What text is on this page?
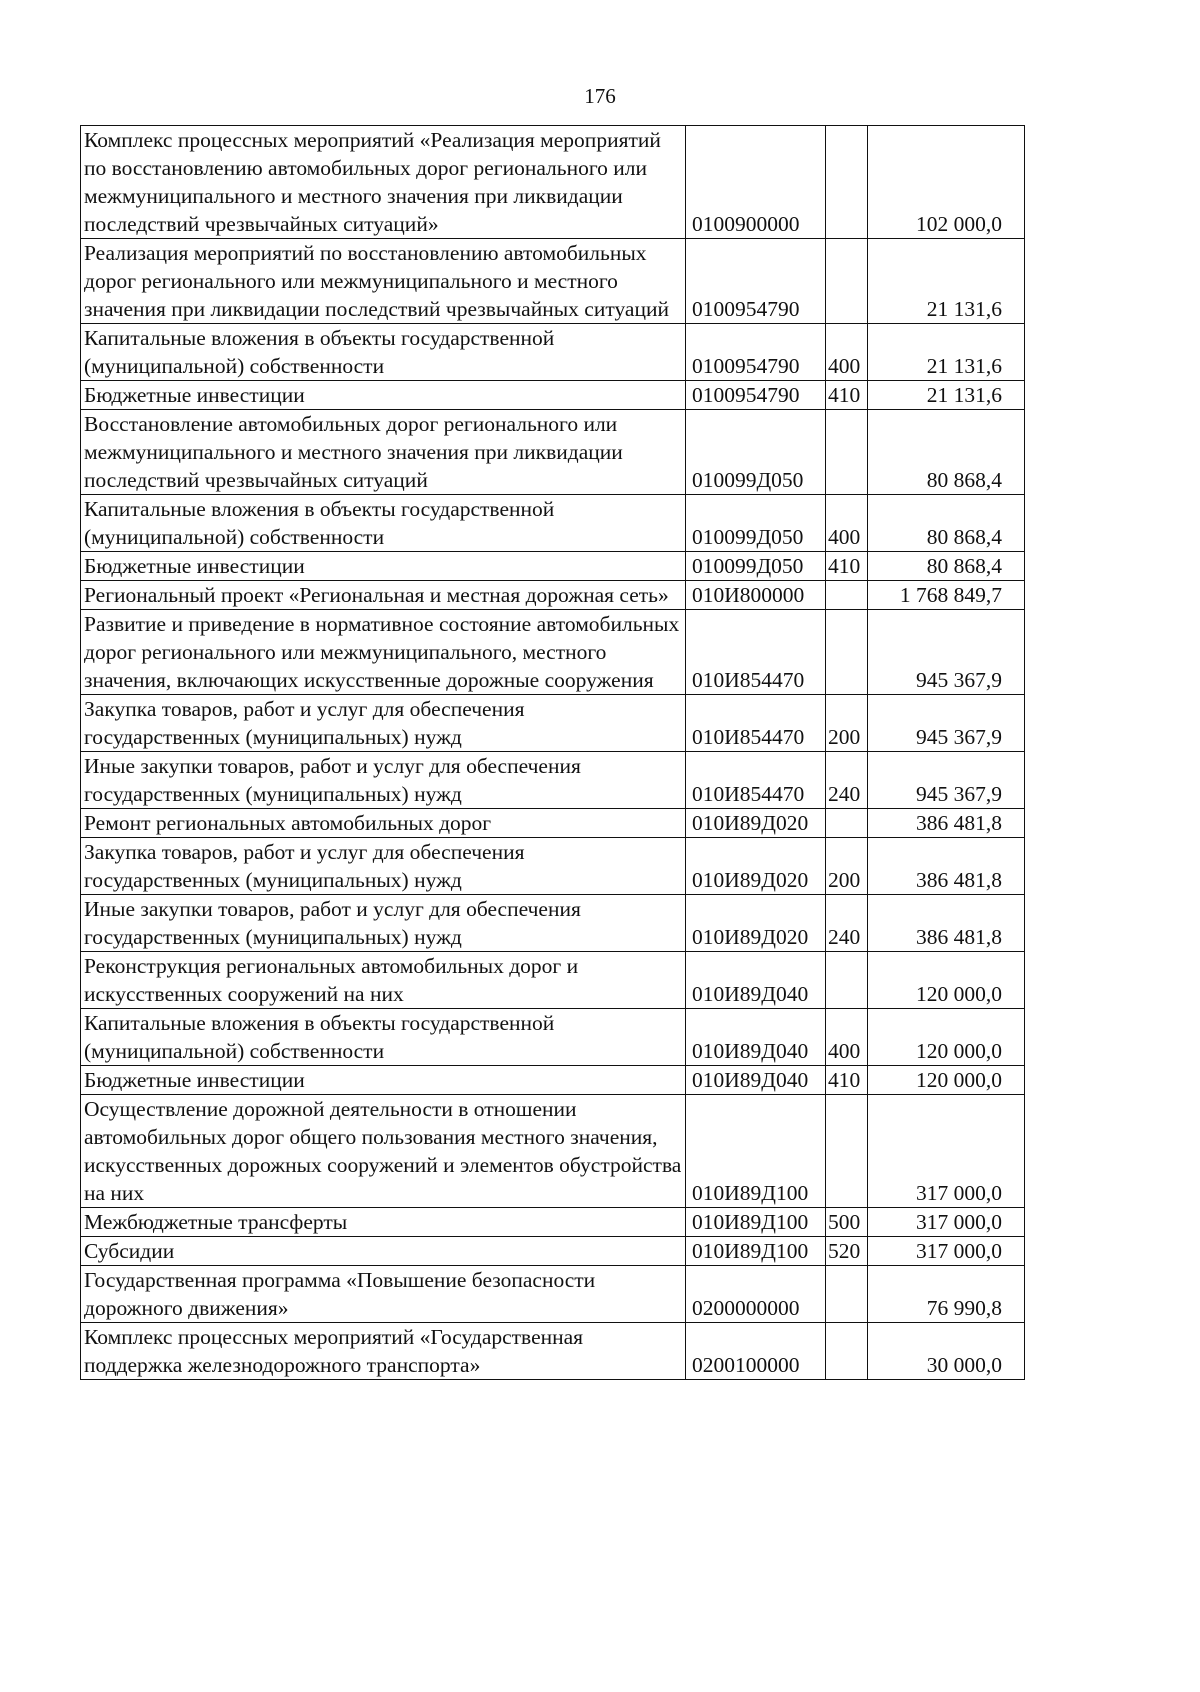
176
Комплекс процессных мероприятий «Реализация мероприятий по восстановлению автомобильных дорог регионального или межмуниципального и местного значения при ликвидации последствий чрезвычайных ситуаций»	0100900000		102 000,0
Реализация мероприятий по восстановлению автомобильных дорог регионального или межмуниципального и местного значения при ликвидации последствий чрезвычайных ситуаций	0100954790		21 131,6
Капитальные вложения в объекты государственной (муниципальной) собственности	0100954790	400	21 131,6
Бюджетные инвестиции	0100954790	410	21 131,6
Восстановление автомобильных дорог регионального или межмуниципального и местного значения при ликвидации последствий чрезвычайных ситуаций	010099Д050		80 868,4
Капитальные вложения в объекты государственной (муниципальной) собственности	010099Д050	400	80 868,4
Бюджетные инвестиции	010099Д050	410	80 868,4
Региональный проект «Региональная и местная дорожная сеть»	010И800000		1 768 849,7
Развитие и приведение в нормативное состояние автомобильных дорог регионального или межмуниципального, местного значения, включающих искусственные дорожные сооружения	010И854470		945 367,9
Закупка товаров, работ и услуг для обеспечения государственных (муниципальных) нужд	010И854470	200	945 367,9
Иные закупки товаров, работ и услуг для обеспечения государственных (муниципальных) нужд	010И854470	240	945 367,9
Ремонт региональных автомобильных дорог	010И89Д020		386 481,8
Закупка товаров, работ и услуг для обеспечения государственных (муниципальных) нужд	010И89Д020	200	386 481,8
Иные закупки товаров, работ и услуг для обеспечения государственных (муниципальных) нужд	010И89Д020	240	386 481,8
Реконструкция региональных автомобильных дорог и искусственных сооружений на них	010И89Д040		120 000,0
Капитальные вложения в объекты государственной (муниципальной) собственности	010И89Д040	400	120 000,0
Бюджетные инвестиции	010И89Д040	410	120 000,0
Осуществление дорожной деятельности в отношении автомобильных дорог общего пользования местного значения, искусственных дорожных сооружений и элементов обустройства на них	010И89Д100		317 000,0
Межбюджетные трансферты	010И89Д100	500	317 000,0
Субсидии	010И89Д100	520	317 000,0
Государственная программа «Повышение безопасности дорожного движения»	0200000000		76 990,8
Комплекс процессных мероприятий «Государственная поддержка железнодорожного транспорта»	0200100000		30 000,0
